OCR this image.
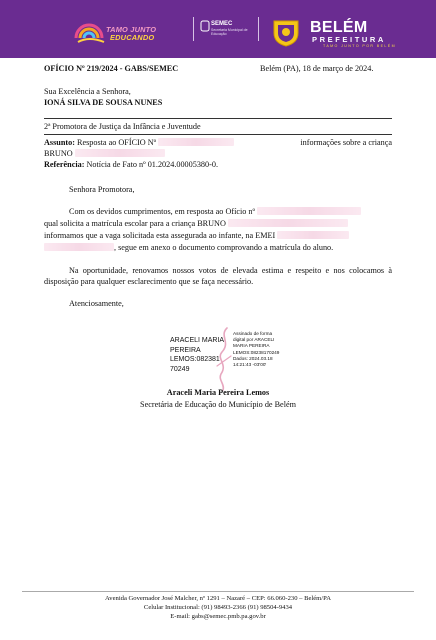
TAMO JUNTO
EDUCANDO
SEMEC
Secretaria Municipal de Educação	BELÉM
PREFEITURA
TAMO JUNTO POR BELÉM
OFÍCIO Nº 219/2024 - GABS/SEMEC	Belém (PA), 18 de março de 2024.
Sua Excelência a Senhora,
IONÁ SILVA DE SOUSA NUNES
2ª Promotora de Justiça da Infância e Juventude
Assunto: Resposta ao OFÍCIO Nº	informações sobre a criança
BRUNO
Referência: Notícia de Fato nº 01.2024.00005380-0.
Senhora Promotora,
Com os devidos cumprimentos, em resposta ao Ofício nº
qual solicita a matrícula escolar para a criança BRUNO
informamos que a vaga solicitada esta assegurada ao infante, na EMEI
, segue em anexo o documento comprovando a matrícula do aluno.
Na oportunidade, renovamos nossos votos de elevada estima e respeito e nos colocamos à disposição para qualquer esclarecimento que se faça necessário.
Atenciosamente,
ARACELI MARIA
PEREIRA
LEMOS:082381
70249
Assinado de forma
digital por ARACELI
MARIA PEREIRA
LEMOS:08238170249
Dados: 2024.03.18
14:21:43 -03'00'
Araceli Maria Pereira Lemos
Secretária de Educação do Município de Belém
Avenida Governador José Malcher, nº 1291 – Nazaré – CEP: 66.060-230 – Belém/PA
Celular Institucional: (91) 98493-2366 (91) 98504-9434
E-mail: gabs@semec.pmb.pa.gov.br
